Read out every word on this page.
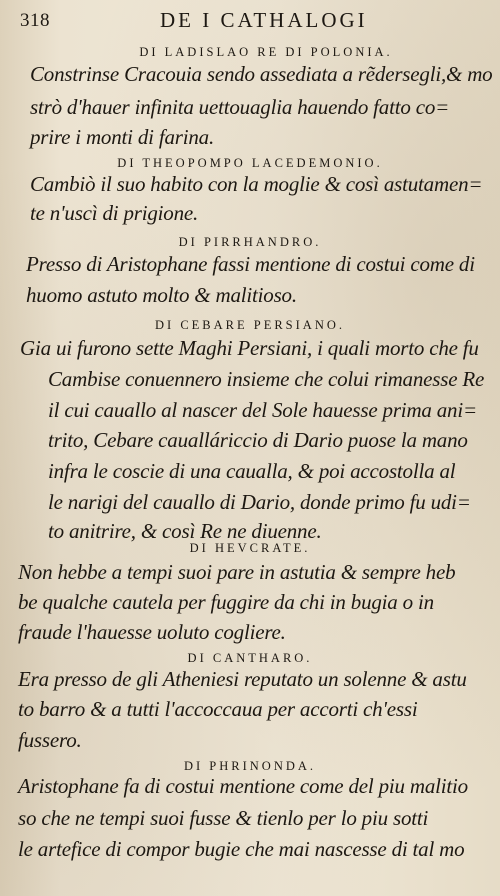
318	DE I CATHALOGI
DI LADISLAO RE DI POLONIA.
Constrinse Cracouia sendo assediata a rẽdersegli,& mo
strò d'hauer infinita uettouaglia hauendo fatto co=
prire i monti di farina.
DI THEOPOMPO LACEDEMONIO.
Cambiò il suo habito con la moglie & così astutamen=
te n'uscì di prigione.
DI PIRRHANDRO.
Presso di Aristophane fassi mentione di costui come di
huomo astuto molto & malitioso.
DI CEBARE PERSIANO.
Gia ui furono sette Maghi Persiani, i quali morto che fu
Cambise conuennero insieme che colui rimanesse Re
il cui cauallo al nascer del Sole hauesse prima ani=
trito, Cebare caualláriccio di Dario puose la mano
infra le coscie di una caualla, & poi accostolla al
le narigi del cauallo di Dario, donde primo fu udi=
to anitrire, & così Re ne diuenne.
DI HEVCRATE.
Non hebbe a tempi suoi pare in astutia & sempre heb
be qualche cautela per fuggire da chi in bugia o in
fraude l'hauesse uoluto cogliere.
DI CANTHARO.
Era presso de gli Atheniesi reputato un solenne & astu
to barro & a tutti l'accoccaua per accorti ch'essi
fussero.
DI PHRINONDA.
Aristophane fa di costui mentione come del piu malitio
so che ne tempi suoi fusse & tienlo per lo piu sotti
le artefice di compor bugie che mai nascesse di tal mo
